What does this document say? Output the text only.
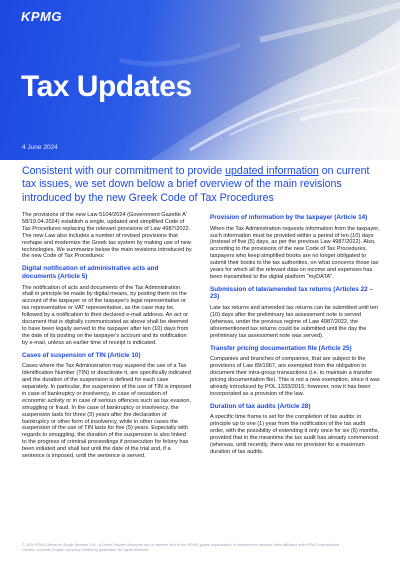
KPMG
Tax Updates
4 June 2024
Consistent with our commitment to provide updated information on current tax issues, we set down below a brief overview of the main revisions introduced by the new Greek Code of Tax Procedures

The provisions of the new Law 5104/2024 (Government Gazette A' 58/19.04.2024) establish a single, updated and simplified Code of Tax Procedures replacing the relevant provisions of Law 4987/2022. The new Law also includes a number of revised provisions that reshape and modernize the Greek tax system by making use of new technologies. We summarize below the main revisions introduced by the new Code of Tax Procedures:

Digital notification of administrative acts and documents (Article 5)

The notification of acts and documents of the Tax Administration shall in principle be made by digital means, by posting them on the account of the taxpayer or of the taxpayer's legal representative or tax representative or VAT representative, as the case may be, followed by a notification to their declared e-mail address. An act or document that is digitally communicated as above shall be deemed to have been legally served to the taxpayer after ten (10) days from the date of its posting on the taxpayer's account and its notification by e-mail, unless an earlier time of receipt is indicated.

Cases of suspension of TIN (Article 10)

Cases where the Tax Administration may suspend the use of a Tax Identification Number (TIN) or deactivate it, are specifically indicated and the duration of the suspension is defined for each case separately. In particular, the suspension of the use of TIN is imposed in case of bankruptcy or insolvency, in case of cessation of economic activity or in case of serious offences such as tax evasion, smuggling or fraud. In the case of bankruptcy or insolvency, the suspension lasts for three (3) years after the declaration of bankruptcy or other form of insolvency, while in other cases the suspension of the use of TIN lasts for five (5) years. Especially with regards to smuggling, the duration of the suspension is also linked to the progress of criminal proceedings if prosecution for felony has been initiated and shall last until the date of the trial and, if a sentence is imposed, until the sentence is served.

Provision of information by the taxpayer (Article 14)

When the Tax Administration requests information from the taxpayer, such information must be provided within a period of ten (10) days (instead of five (5) days, as per the previous Law 4987/2022). Also, according to the provisions of the new Code of Tax Procedures, taxpayers who keep simplified books are no longer obligated to submit their books to the tax authorities, on what concerns those tax years for which all the relevant data on income and expenses has been transmitted to the digital platform "myDATA".

Submission of late/amended tax returns (Articles 22 – 23)

Late tax returns and amended tax returns can be submitted until ten (10) days after the preliminary tax assessment note is served (whereas, under the previous regime of Law 4987/2022, the aforementioned tax returns could be submitted until the day the preliminary tax assessment note was served).

Transfer pricing documentation file (Article 25)

Companies and branches of companies, that are subject to the provisions of Law 89/1967, are exempted from the obligation to document their intra-group transactions (i.e. to maintain a transfer pricing documentation file). This is not a new exemption, since it was already introduced by POL.1333/2015; however, now it has been incorporated as a provision of the law.

Duration of tax audits (Article 28)

A specific time frame is set for the completion of tax audits: in principle up to one (1) year from the notification of the tax audit order, with the possibility of extending it only once for six (6) months, provided that in the meantime the tax audit has already commenced (whereas, until recently, there was no provision for a maximum duration of tax audits.

© 2024 KPMG Advisors Single Member S.A., a Greek Societe Anonyme and a member firm of the KPMG global organization of independent member firms affiliated with KPMG International Limited, a private English company limited by guarantee. All rights reserved.
